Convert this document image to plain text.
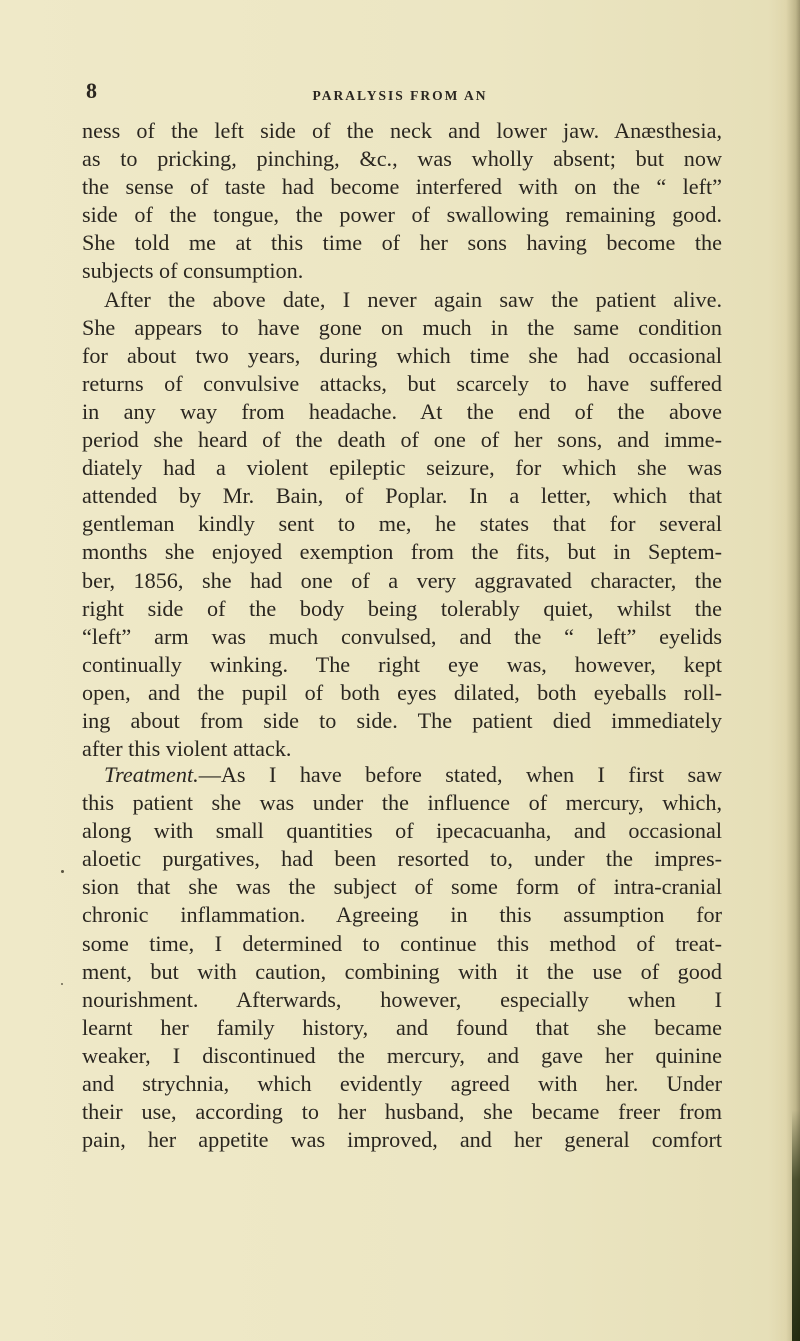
8	PARALYSIS FROM AN
ness of the left side of the neck and lower jaw. Anæsthesia,
as to pricking, pinching, &c., was wholly absent; but now
the sense of taste had become interfered with on the “ left”
side of the tongue, the power of swallowing remaining good.
She told me at this time of her sons having become the
subjects of consumption.
After the above date, I never again saw the patient alive.
She appears to have gone on much in the same condition
for about two years, during which time she had occasional
returns of convulsive attacks, but scarcely to have suffered
in any way from headache. At the end of the above
period she heard of the death of one of her sons, and imme-
diately had a violent epileptic seizure, for which she was
attended by Mr. Bain, of Poplar. In a letter, which that
gentleman kindly sent to me, he states that for several
months she enjoyed exemption from the fits, but in Septem-
ber, 1856, she had one of a very aggravated character, the
right side of the body being tolerably quiet, whilst the
“left” arm was much convulsed, and the “ left” eyelids
continually winking. The right eye was, however, kept
open, and the pupil of both eyes dilated, both eyeballs roll-
ing about from side to side. The patient died immediately
after this violent attack.
Treatment.—As I have before stated, when I first saw
this patient she was under the influence of mercury, which,
along with small quantities of ipecacuanha, and occasional
aloetic purgatives, had been resorted to, under the impres-
sion that she was the subject of some form of intra-cranial
chronic inflammation. Agreeing in this assumption for
some time, I determined to continue this method of treat-
ment, but with caution, combining with it the use of good
nourishment. Afterwards, however, especially when I
learnt her family history, and found that she became
weaker, I discontinued the mercury, and gave her quinine
and strychnia, which evidently agreed with her. Under
their use, according to her husband, she became freer from
pain, her appetite was improved, and her general comfort
